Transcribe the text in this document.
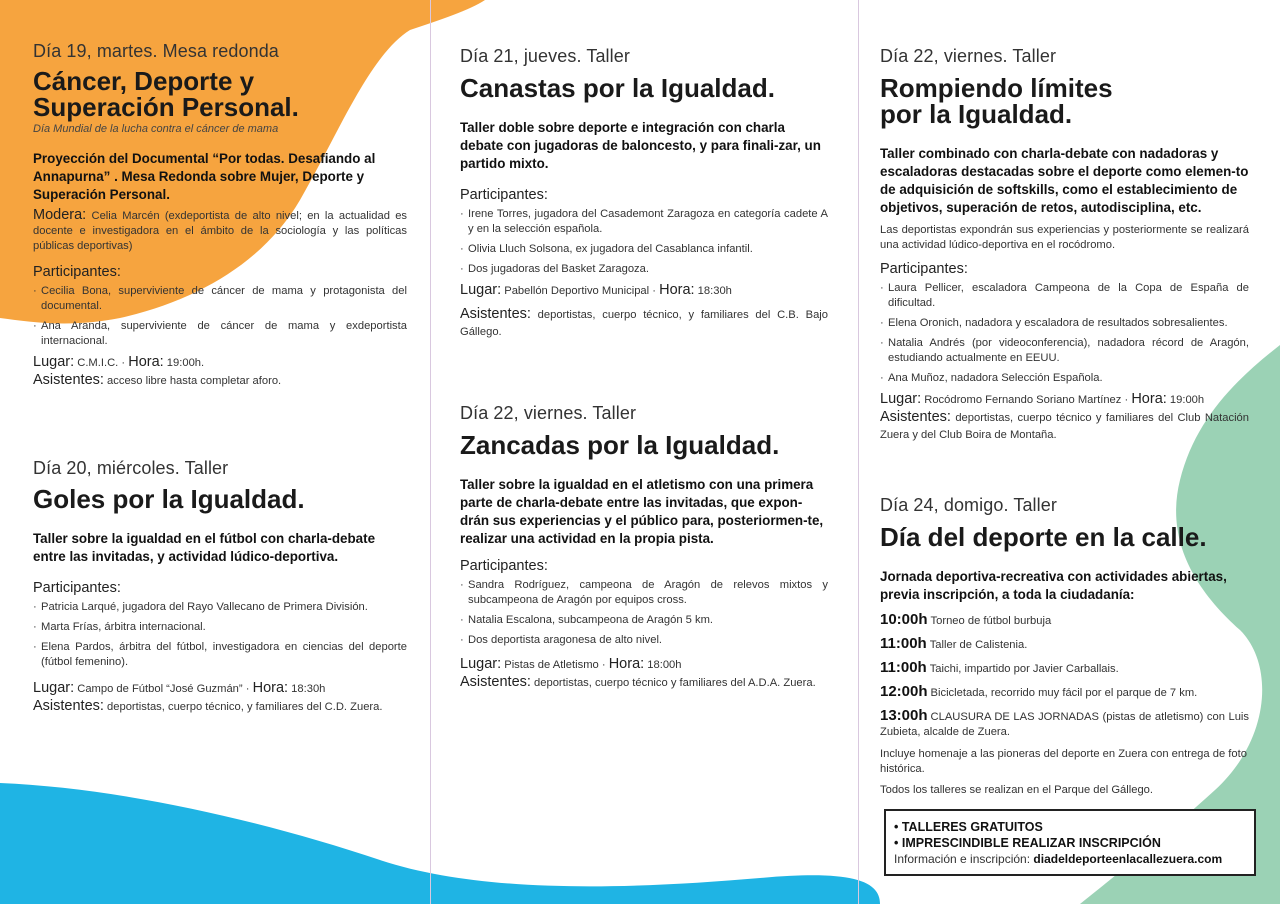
Día 19, martes. Mesa redonda
Cáncer, Deporte y
Superación Personal.
Día Mundial de la lucha contra el cáncer de mama
Proyección del Documental “Por todas. Desafiando al Annapurna” . Mesa Redonda sobre Mujer, Deporte y Superación Personal.
Modera: Celia Marcén (exdeportista de alto nivel; en la actualidad es docente e investigadora en el ámbito de la sociología y las políticas públicas deportivas)
Participantes:
· Cecilia Bona, superviviente de cáncer de mama y protagonista del documental.
· Ana Aranda, superviviente de cáncer de mama y exdeportista internacional.
Lugar: C.M.I.C. · Hora: 19:00h.
Asistentes: acceso libre hasta completar aforo.
Día 20, miércoles. Taller
Goles por la Igualdad.
Taller sobre la igualdad en el fútbol con charla-debate entre las invitadas, y actividad lúdico-deportiva.
Participantes:
· Patricia Larqué, jugadora del Rayo Vallecano de Primera División.
· Marta Frías, árbitra internacional.
· Elena Pardos, árbitra del fútbol, investigadora en ciencias del deporte (fútbol femenino).
Lugar: Campo de Fútbol “José Guzmán” · Hora: 18:30h
Asistentes: deportistas, cuerpo técnico, y familiares del C.D. Zuera.
Día 21, jueves. Taller
Canastas por la Igualdad.
Taller doble sobre deporte e integración con charla debate con jugadoras de baloncesto, y para finali-zar, un partido mixto.
Participantes:
· Irene Torres, jugadora del Casademont Zaragoza en categoría cadete A y en la selección española.
· Olivia Lluch Solsona, ex jugadora del Casablanca infantil.
· Dos jugadoras del Basket Zaragoza.
Lugar: Pabellón Deportivo Municipal · Hora: 18:30h
Asistentes: deportistas, cuerpo técnico, y familiares del C.B. Bajo Gállego.
Día 22, viernes. Taller
Zancadas por la Igualdad.
Taller sobre la igualdad en el atletismo con una primera parte de charla-debate entre las invitadas, que expon-drán sus experiencias y el público para, posteriormen-te, realizar una actividad en la propia pista.
Participantes:
· Sandra Rodríguez, campeona de Aragón de relevos mixtos y subcampeona de Aragón por equipos cross.
· Natalia Escalona, subcampeona de Aragón 5 km.
· Dos deportista aragonesa de alto nivel.
Lugar: Pistas de Atletismo · Hora: 18:00h
Asistentes: deportistas, cuerpo técnico y familiares del A.D.A. Zuera.
Día 22, viernes. Taller
Rompiendo límites
por la Igualdad.
Taller combinado con charla-debate con nadadoras y escaladoras destacadas sobre el deporte como elemen-to de adquisición de softskills, como el establecimiento de objetivos, superación de retos, autodisciplina, etc.
Las deportistas expondrán sus experiencias y posteriormente se realizará una actividad lúdico-deportiva en el rocódromo.
Participantes:
· Laura Pellicer, escaladora Campeona de la Copa de España de dificultad.
· Elena Oronich, nadadora y escaladora de resultados sobresalientes.
· Natalia Andrés (por videoconferencia), nadadora récord de Aragón, estudiando actualmente en EEUU.
· Ana Muñoz, nadadora Selección Española.
Lugar: Rocódromo Fernando Soriano Martínez · Hora: 19:00h
Asistentes: deportistas, cuerpo técnico y familiares del Club Natación Zuera y del Club Boira de Montaña.
Día 24, domigo. Taller
Día del deporte en la calle.
Jornada deportiva-recreativa con actividades abiertas, previa inscripción, a toda la ciudadanía:
10:00h Torneo de fútbol burbuja
11:00h Taller de Calistenia.
11:00h Taichi, impartido por Javier Carballais.
12:00h Bicicletada, recorrido muy fácil por el parque de 7 km.
13:00h CLAUSURA DE LAS JORNADAS (pistas de atletismo) con Luis Zubieta, alcalde de Zuera.
Incluye homenaje a las pioneras del deporte en Zuera con entrega de foto histórica.
Todos los talleres se realizan en el Parque del Gállego.
• TALLERES GRATUITOS
• IMPRESCINDIBLE REALIZAR INSCRIPCIÓN
Información e inscripción: diadeldeporteenlacallezuera.com
